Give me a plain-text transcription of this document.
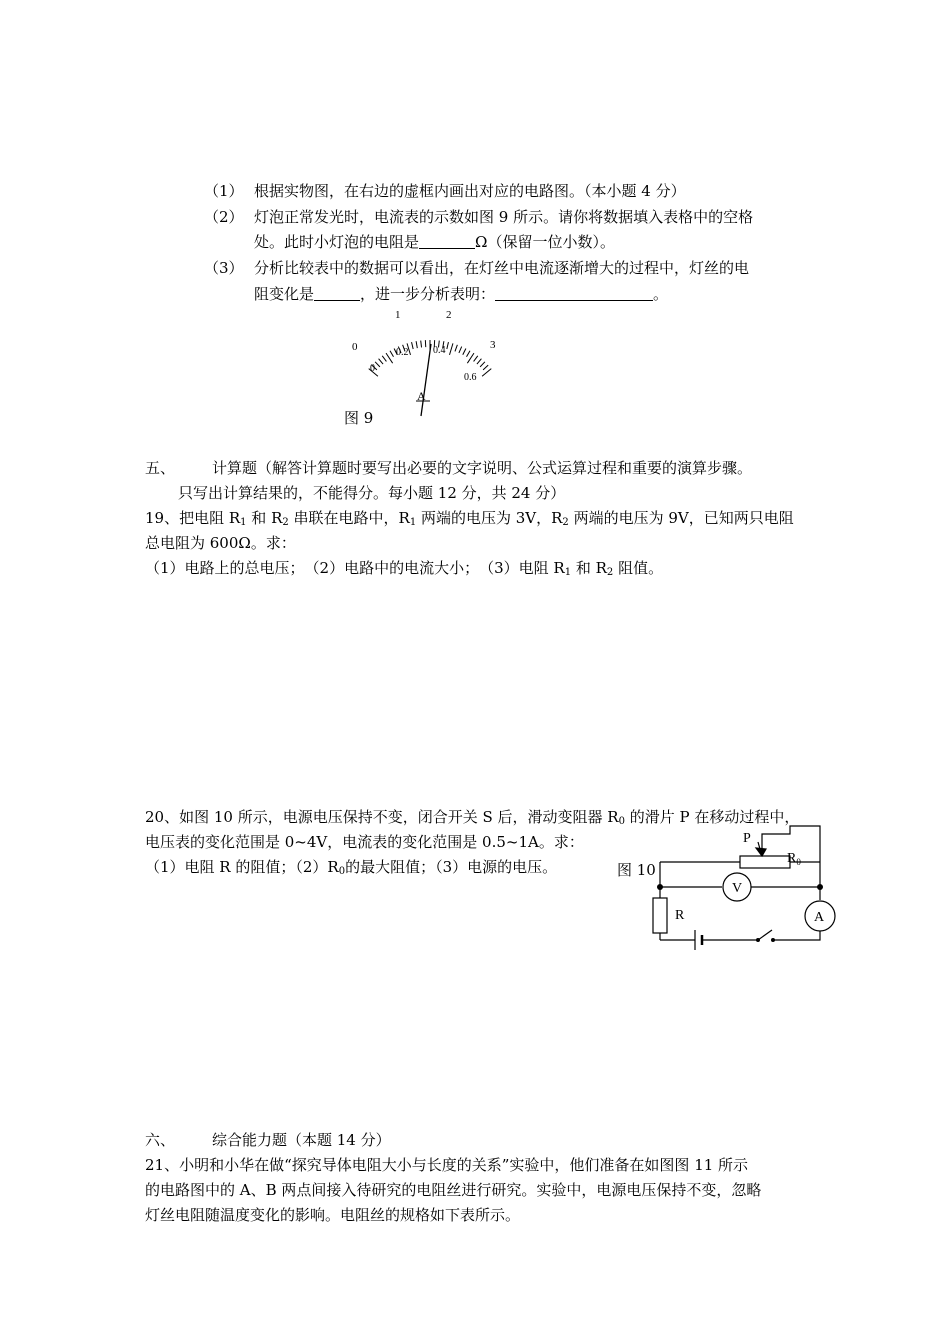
（1） 根据实物图，在右边的虚框内画出对应的电路图。（本小题 4 分）
（2） 灯泡正常发光时，电流表的示数如图 9 所示。请你将数据填入表格中的空格
处。此时小灯泡的电阻是	Ω（保留一位小数）。
（3） 分析比较表中的数据可以看出，在灯丝中电流逐渐增大的过程中，灯丝的电
阻变化是	，进一步分析表明：	。
0
1	2
3
0
0.2 0.4
0.6
A
图 9
五、 计算题（解答计算题时要写出必要的文字说明、公式运算过程和重要的演算步骤。
只写出计算结果的，不能得分。每小题 12 分，共 24 分）
19、把电阻 $R_1$ 和 $R_2$ 串联在电路中，$R_1$ 两端的电压为 3V，$R_2$ 两端的电压为 9V，已知两只电阻
总电阻为 600Ω。求：
（1）电路上的总电压；　（2）电路中的电流大小；　（3）电阻 $R_1$ 和 $R_2$ 阻值。
20、如图 10 所示，电源电压保持不变，闭合开关 S 后，滑动变阻器 $R_0$ 的滑片 P 在移动过程中，
电压表的变化范围是 0~4V，电流表的变化范围是 0.5~1A。求：
（1）电阻 R 的阻值；$(2)R_0$的最大阻值；（3）电源的电压。	图 10
P
$R_0$
V
A
R
六、 综合能力题（本题 14 分）
21、小明和小华在做“探究导体电阻大小与长度的关系”实验中，他们准备在如图图 11 所示
的电路图中的 A、B 两点间接入待研究的电阻丝进行研究。实验中，电源电压保持不变，忽略
灯丝电阻随温度变化的影响。电阻丝的规格如下表所示。
